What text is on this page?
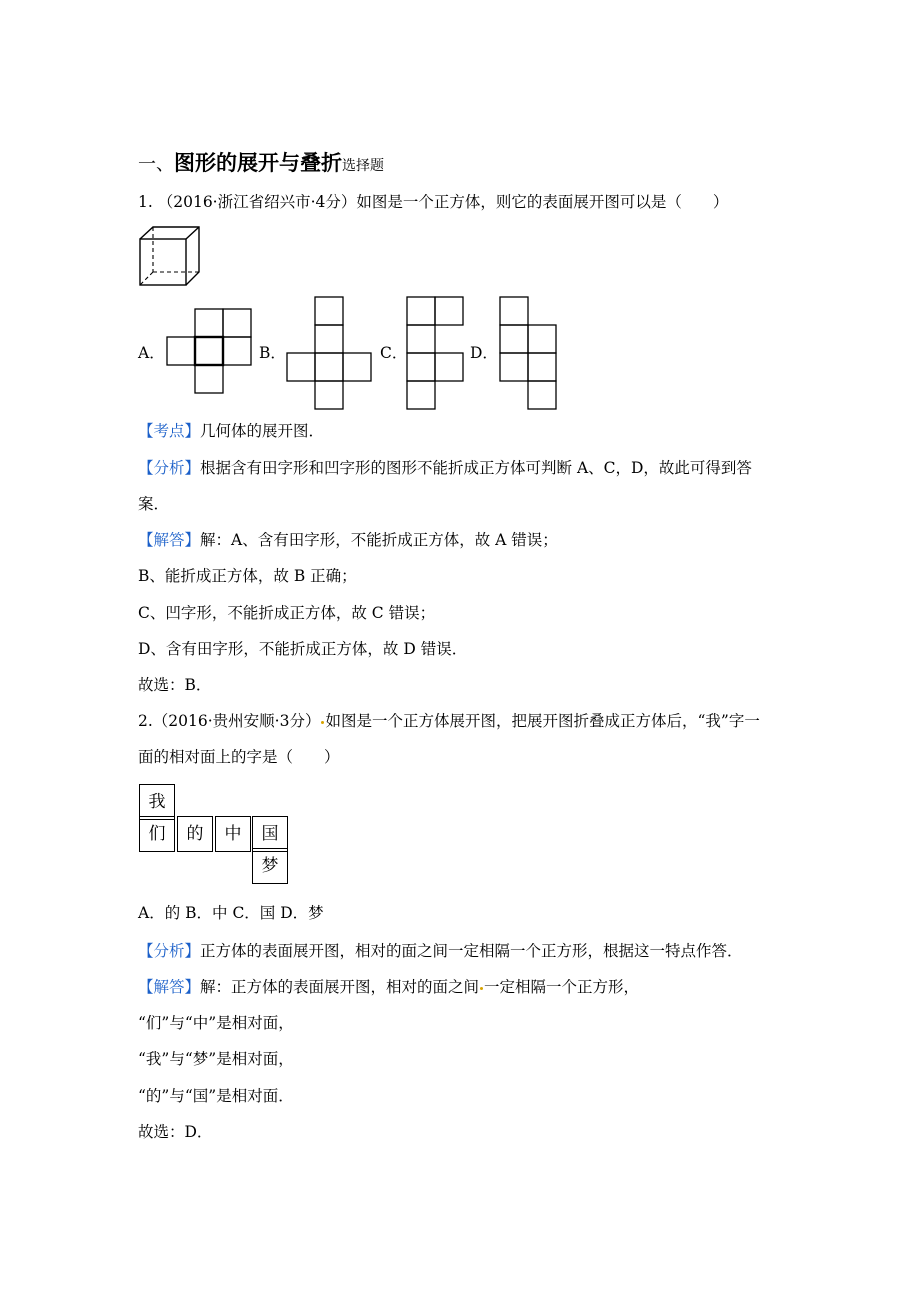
一、图形的展开与叠折选择题
1. （2016·浙江省绍兴市·4分）如图是一个正方体，则它的表面展开图可以是（　　）
A．	B．	C．	D．
【考点】几何体的展开图．
【分析】根据含有田字形和凹字形的图形不能折成正方体可判断 A、C，D，故此可得到答
案．
【解答】解：A、含有田字形，不能折成正方体，故 A 错误；
B、能折成正方体，故 B 正确；
C、凹字形，不能折成正方体，故 C 错误；
D、含有田字形，不能折成正方体，故 D 错误．
故选：B．
2.（2016·贵州安顺·3分） 如图是一个正方体展开图，把展开图折叠成正方体后，“我”字一
面的相对面上的字是（　　）
我
们	的	中	国
梦
A．的 B．中 C．国 D．梦
【分析】正方体的表面展开图，相对的面之间一定相隔一个正方形，根据这一特点作答．
【解答】解：正方体的表面展开图，相对的面之间 一定相隔一个正方形，
“们”与“中”是相对面，
“我”与“梦”是相对面，
“的”与“国”是相对面．
故选：D．
